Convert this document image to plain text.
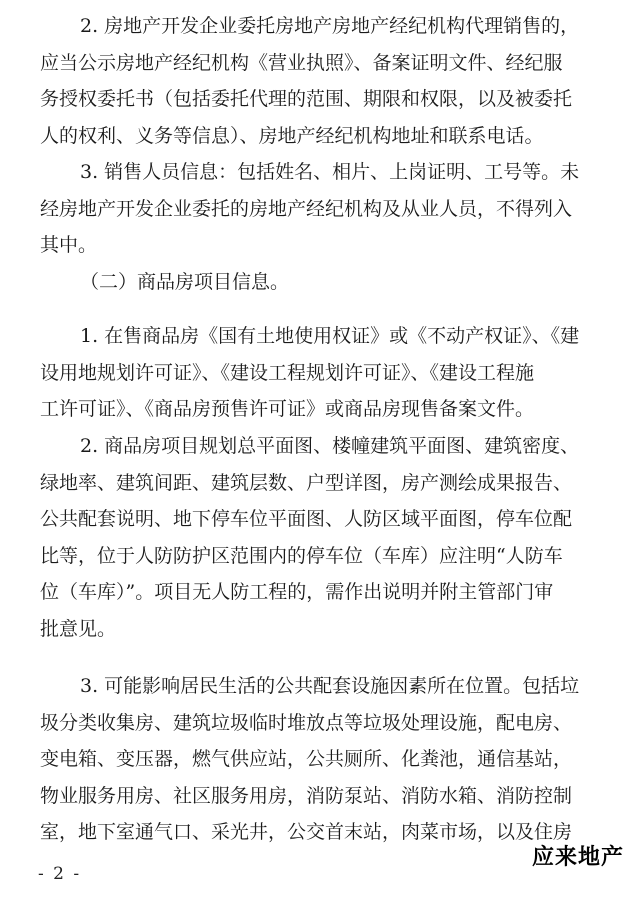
2. 房地产开发企业委托房地产房地产经纪机构代理销售的，
应当公示房地产经纪机构《营业执照》、备案证明文件、经纪服
务授权委托书（包括委托代理的范围、期限和权限，以及被委托
人的权利、义务等信息）、房地产经纪机构地址和联系电话。
3. 销售人员信息：包括姓名、相片、上岗证明、工号等。未
经房地产开发企业委托的房地产经纪机构及从业人员，不得列入
其中。
（二）商品房项目信息。
1. 在售商品房《国有土地使用权证》或《不动产权证》、《建
设用地规划许可证》、《建设工程规划许可证》、《建设工程施
工许可证》、《商品房预售许可证》或商品房现售备案文件。
2. 商品房项目规划总平面图、楼幢建筑平面图、建筑密度、
绿地率、建筑间距、建筑层数、户型详图，房产测绘成果报告、
公共配套说明、地下停车位平面图、人防区域平面图，停车位配
比等，位于人防防护区范围内的停车位（车库）应注明“人防车
位（车库）”。项目无人防工程的，需作出说明并附主管部门审
批意见。
3. 可能影响居民生活的公共配套设施因素所在位置。包括垃
圾分类收集房、建筑垃圾临时堆放点等垃圾处理设施，配电房、
变电箱、变压器，燃气供应站，公共厕所、化粪池，通信基站，
物业服务用房、社区服务用房，消防泵站、消防水箱、消防控制
室，地下室通气口、采光井，公交首末站，肉菜市场，以及住房
- 2 -
应来地产
